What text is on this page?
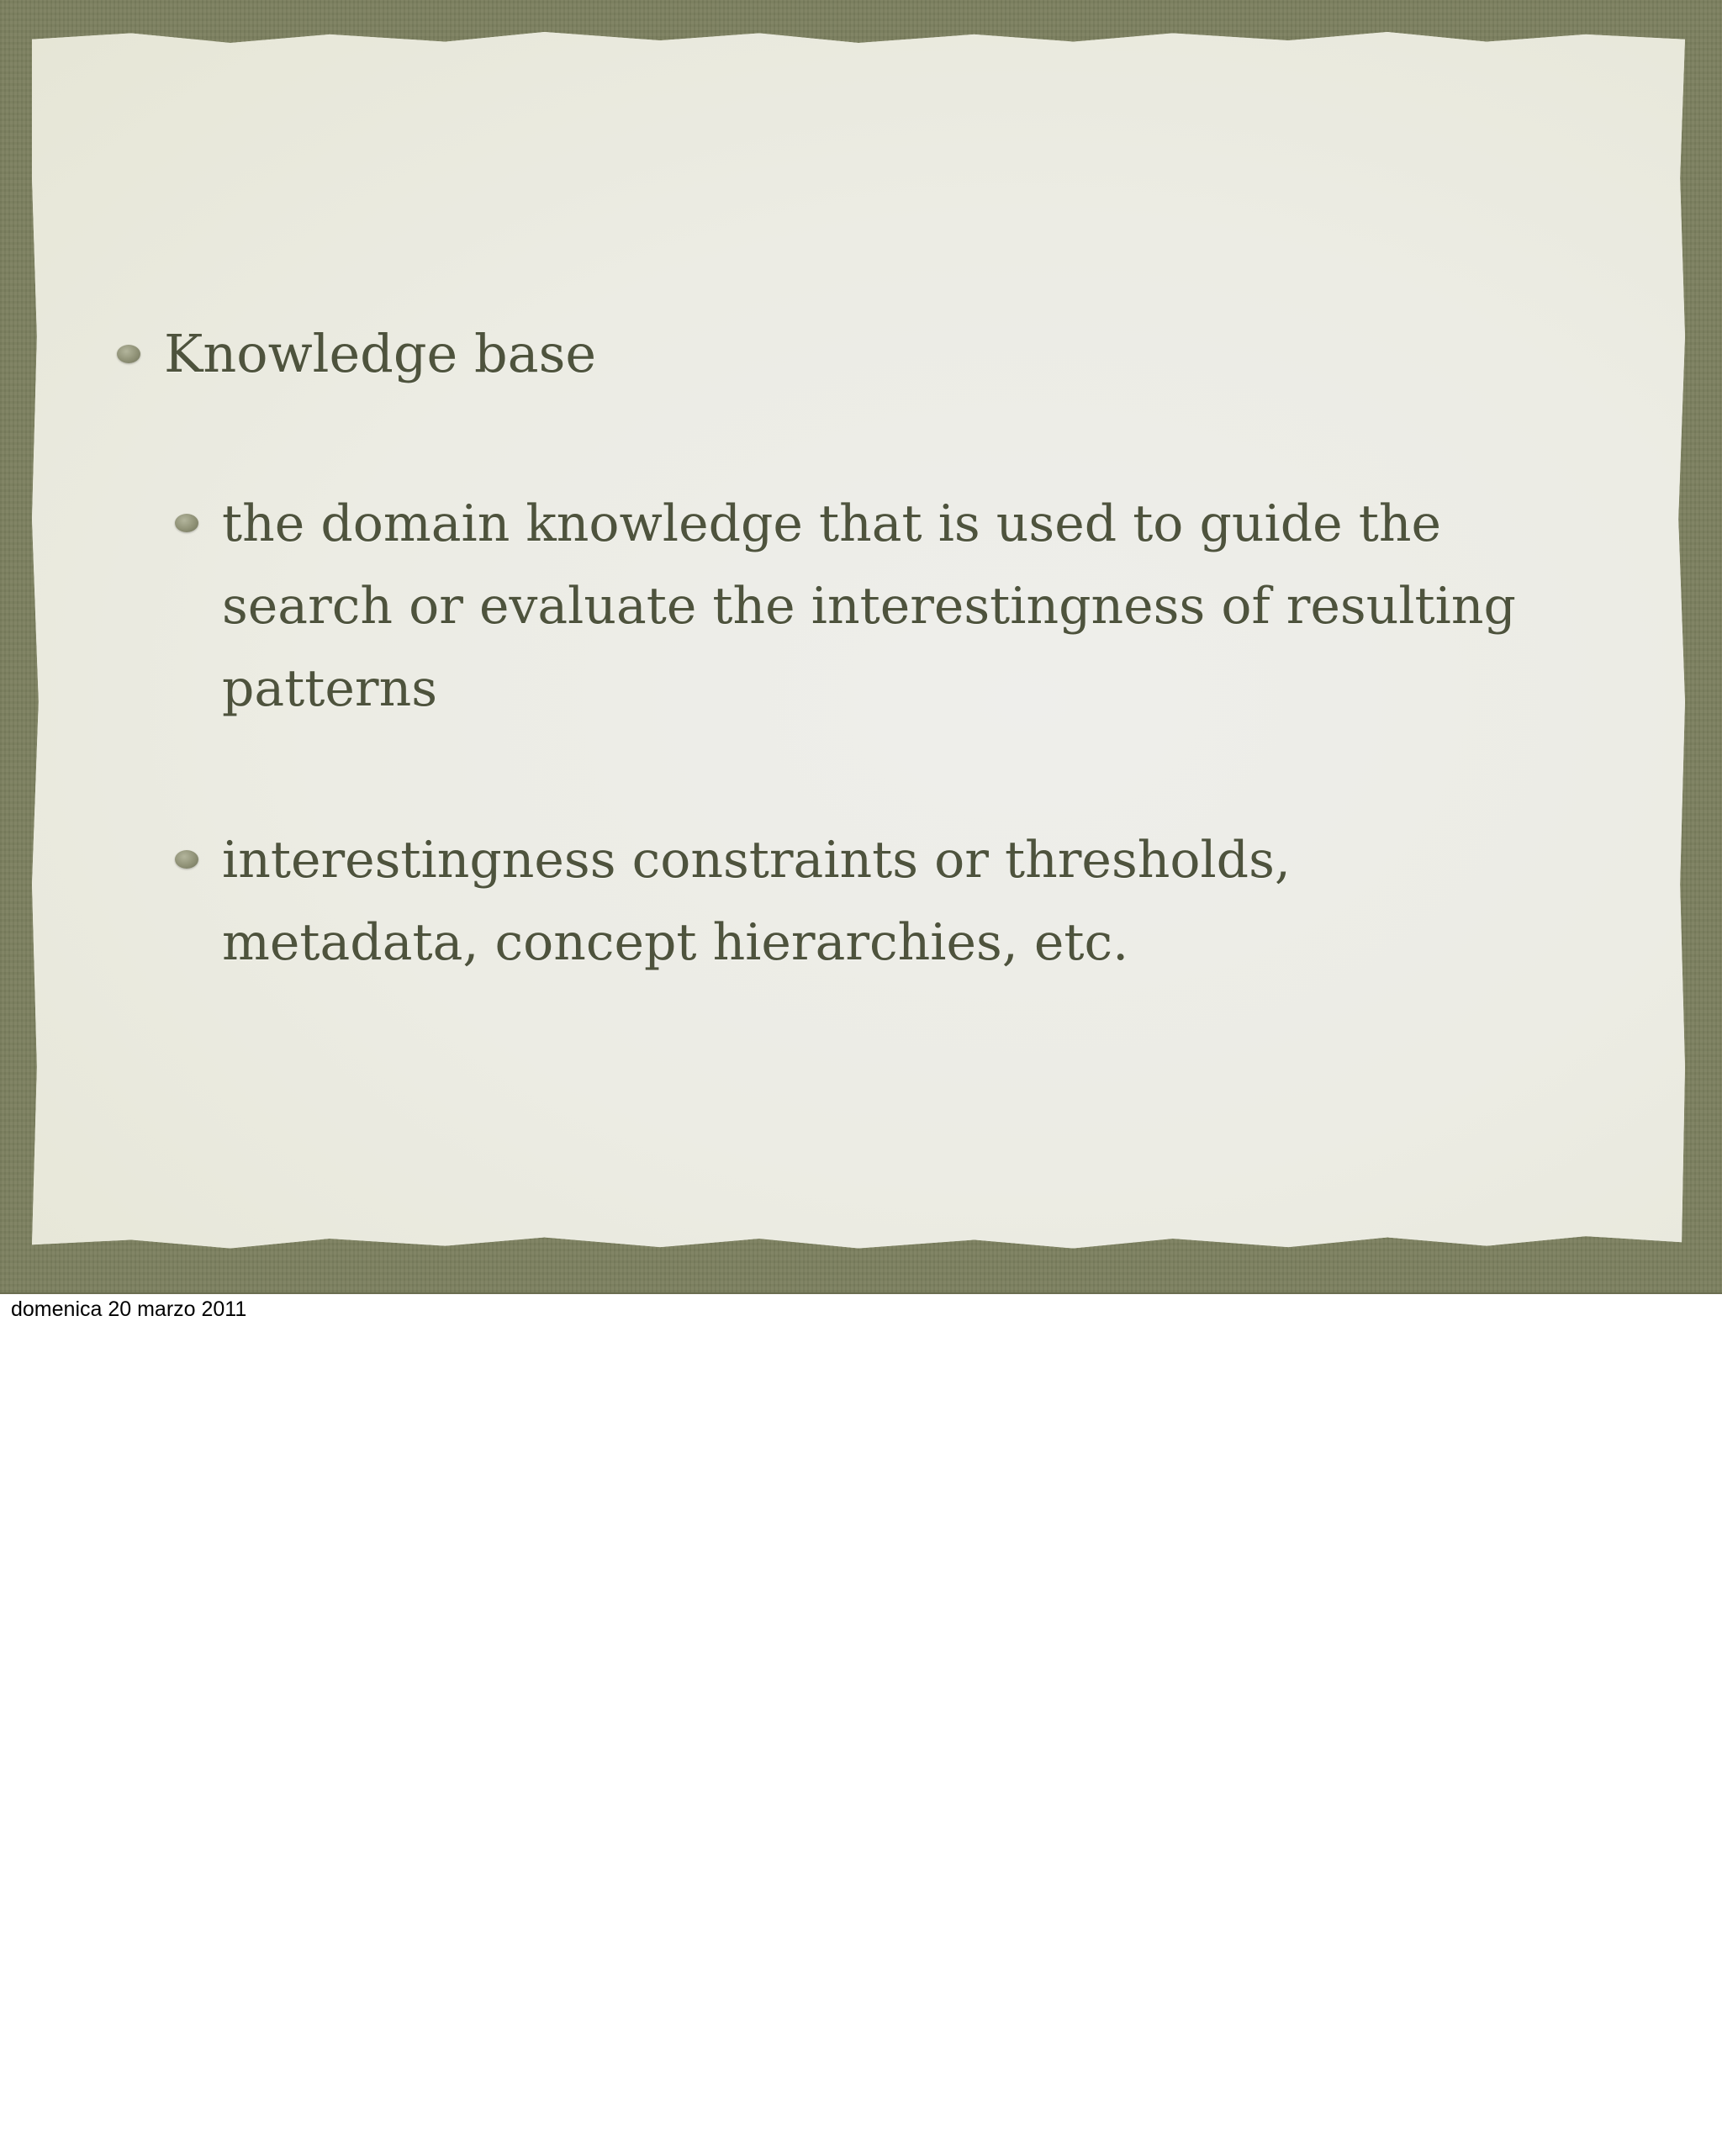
Knowledge base
the domain knowledge that is used to guide the
search or evaluate the interestingness of resulting
patterns
interestingness constraints or thresholds,
metadata, concept hierarchies, etc.
domenica 20 marzo 2011
